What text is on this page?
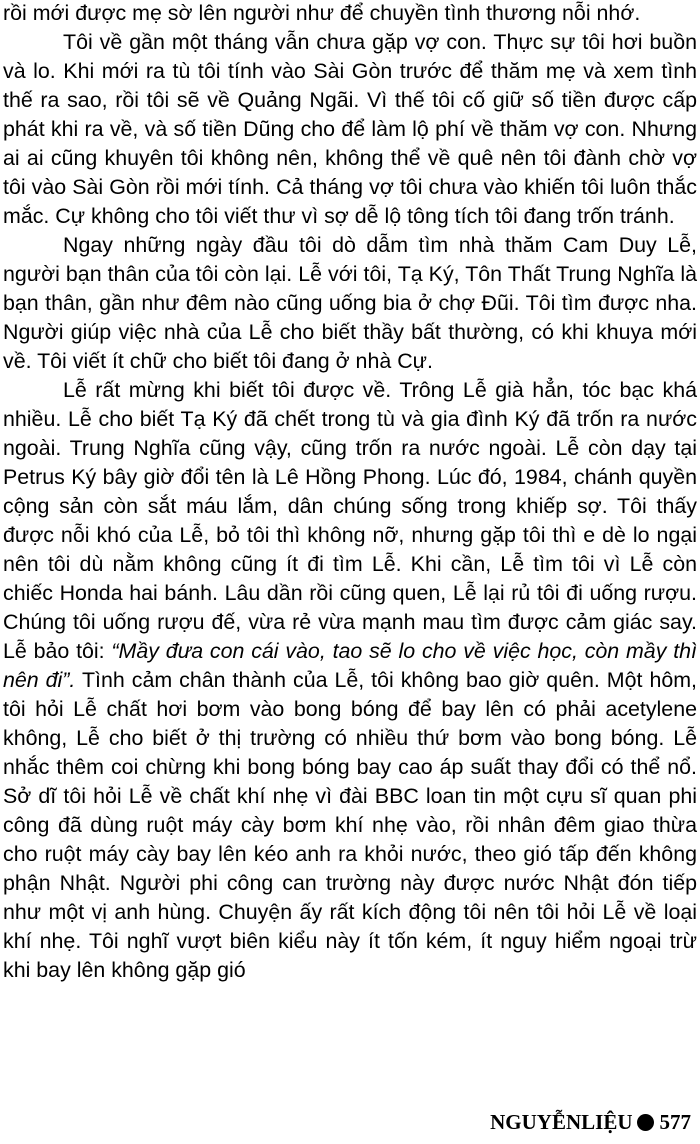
rồi mới được mẹ sờ lên người như để chuyền tình thương nỗi nhớ.

Tôi về gần một tháng vẫn chưa gặp vợ con. Thực sự tôi hơi buồn và lo. Khi mới ra tù tôi tính vào Sài Gòn trước để thăm mẹ và xem tình thế ra sao, rồi tôi sẽ về Quảng Ngãi. Vì thế tôi cố giữ số tiền được cấp phát khi ra về, và số tiền Dũng cho để làm lộ phí về thăm vợ con. Nhưng ai ai cũng khuyên tôi không nên, không thể về quê nên tôi đành chờ vợ tôi vào Sài Gòn rồi mới tính. Cả tháng vợ tôi chưa vào khiến tôi luôn thắc mắc. Cự không cho tôi viết thư vì sợ dễ lộ tông tích tôi đang trốn tránh.

Ngay những ngày đầu tôi dò dẫm tìm nhà thăm Cam Duy Lễ, người bạn thân của tôi còn lại. Lễ với tôi, Tạ Ký, Tôn Thất Trung Nghĩa là bạn thân, gần như đêm nào cũng uống bia ở chợ Đũi. Tôi tìm được nha. Người giúp việc nhà của Lễ cho biết thầy bất thường, có khi khuya mới về. Tôi viết ít chữ cho biết tôi đang ở nhà Cự.

Lễ rất mừng khi biết tôi được về. Trông Lễ già hẳn, tóc bạc khá nhiều. Lễ cho biết Tạ Ký đã chết trong tù và gia đình Ký đã trốn ra nước ngoài. Trung Nghĩa cũng vậy, cũng trốn ra nước ngoài. Lễ còn dạy tại Petrus Ký bây giờ đổi tên là Lê Hồng Phong. Lúc đó, 1984, chánh quyền cộng sản còn sắt máu lắm, dân chúng sống trong khiếp sợ. Tôi thấy được nỗi khó của Lễ, bỏ tôi thì không nỡ, nhưng gặp tôi thì e dè lo ngại nên tôi dù nằm không cũng ít đi tìm Lễ. Khi cần, Lễ tìm tôi vì Lễ còn chiếc Honda hai bánh. Lâu dần rồi cũng quen, Lễ lại rủ tôi đi uống rượu. Chúng tôi uống rượu đế, vừa rẻ vừa mạnh mau tìm được cảm giác say. Lễ bảo tôi: “Mầy đưa con cái vào, tao sẽ lo cho về việc học, còn mầy thì nên đi”. Tình cảm chân thành của Lễ, tôi không bao giờ quên. Một hôm, tôi hỏi Lễ chất hơi bơm vào bong bóng để bay lên có phải acetylene không, Lễ cho biết ở thị trường có nhiều thứ bơm vào bong bóng. Lễ nhắc thêm coi chừng khi bong bóng bay cao áp suất thay đổi có thể nổ. Sở dĩ tôi hỏi Lễ về chất khí nhẹ vì đài BBC loan tin một cựu sĩ quan phi công đã dùng ruột máy cày bơm khí nhẹ vào, rồi nhân đêm giao thừa cho ruột máy cày bay lên kéo anh ra khỏi nước, theo gió tấp đến không phận Nhật. Người phi công can trường này được nước Nhật đón tiếp như một vị anh hùng. Chuyện ấy rất kích động tôi nên tôi hỏi Lễ về loại khí nhẹ. Tôi nghĩ vượt biên kiểu này ít tốn kém, ít nguy hiểm ngoại trừ khi bay lên không gặp gió

NGUYỄNLIỆU 577
